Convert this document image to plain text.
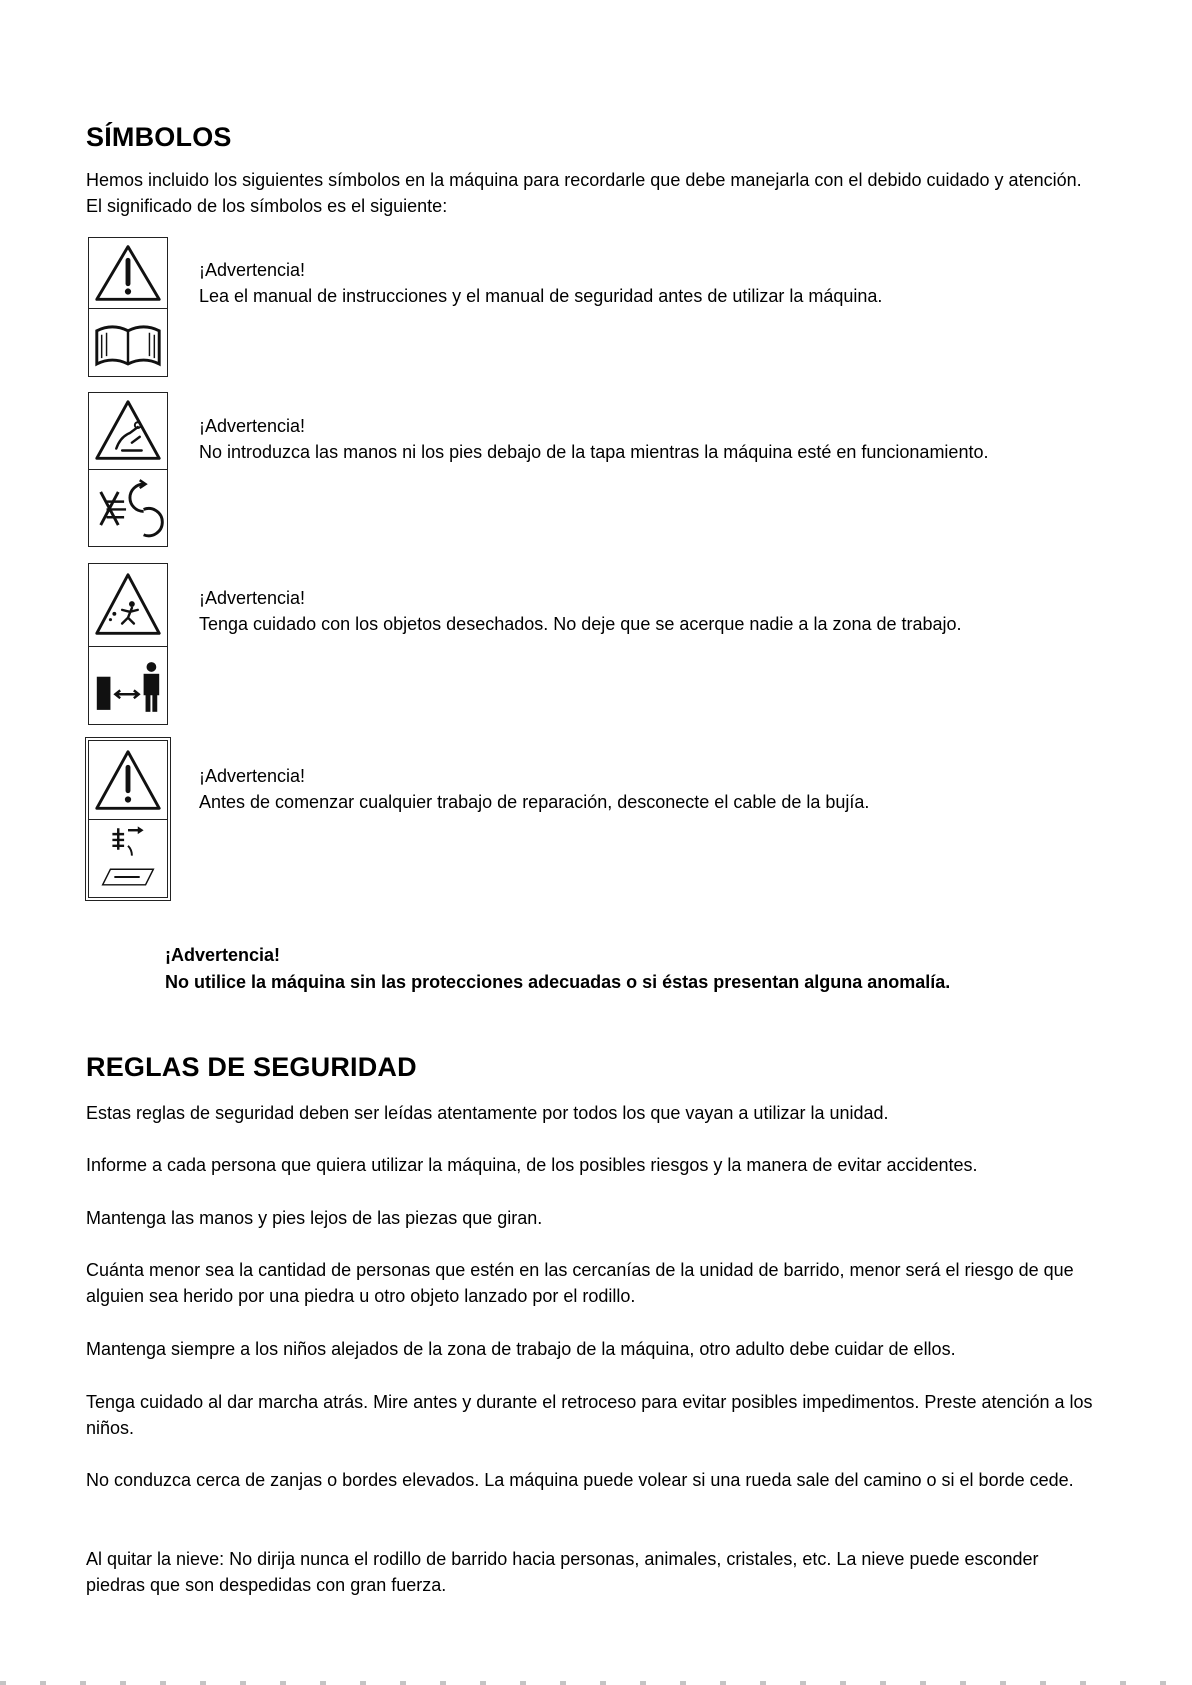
SÍMBOLOS

Hemos incluido los siguientes símbolos en la máquina para recordarle que debe manejarla con el debido cuidado y atención. El significado de los símbolos es el siguiente:

¡Advertencia!
Lea el manual de instrucciones y el manual de seguridad antes de utilizar la máquina.

¡Advertencia!
No introduzca las manos ni los pies debajo de la tapa mientras la máquina esté en funcionamiento.

¡Advertencia!
Tenga cuidado con los objetos desechados. No deje que se acerque nadie a la zona de trabajo.

¡Advertencia!
Antes de comenzar cualquier trabajo de reparación, desconecte el cable de la bujía.

¡Advertencia!
No utilice la máquina sin las protecciones adecuadas o si éstas presentan alguna anomalía.

REGLAS DE SEGURIDAD

Estas reglas de seguridad deben ser leídas atentamente por todos los que vayan a utilizar la unidad.

Informe a cada persona que quiera utilizar la máquina, de los posibles riesgos y la manera de evitar accidentes.

Mantenga las manos y pies lejos de las piezas que giran.

Cuánta menor sea la cantidad de personas que estén en las cercanías de la unidad de barrido, menor será el riesgo de que alguien sea herido por una piedra u otro objeto lanzado por el rodillo.

Mantenga siempre a los niños alejados de la zona de trabajo de la máquina, otro adulto debe cuidar de ellos.

Tenga cuidado al dar marcha atrás. Mire antes y durante el retroceso para evitar posibles impedimentos. Preste atención a los niños.

No conduzca cerca de zanjas o bordes elevados. La máquina puede volear si una rueda sale del camino o si el borde cede.

Al quitar la nieve: No dirija nunca el rodillo de barrido hacia personas, animales, cristales, etc. La nieve puede esconder piedras que son despedidas con gran fuerza.
